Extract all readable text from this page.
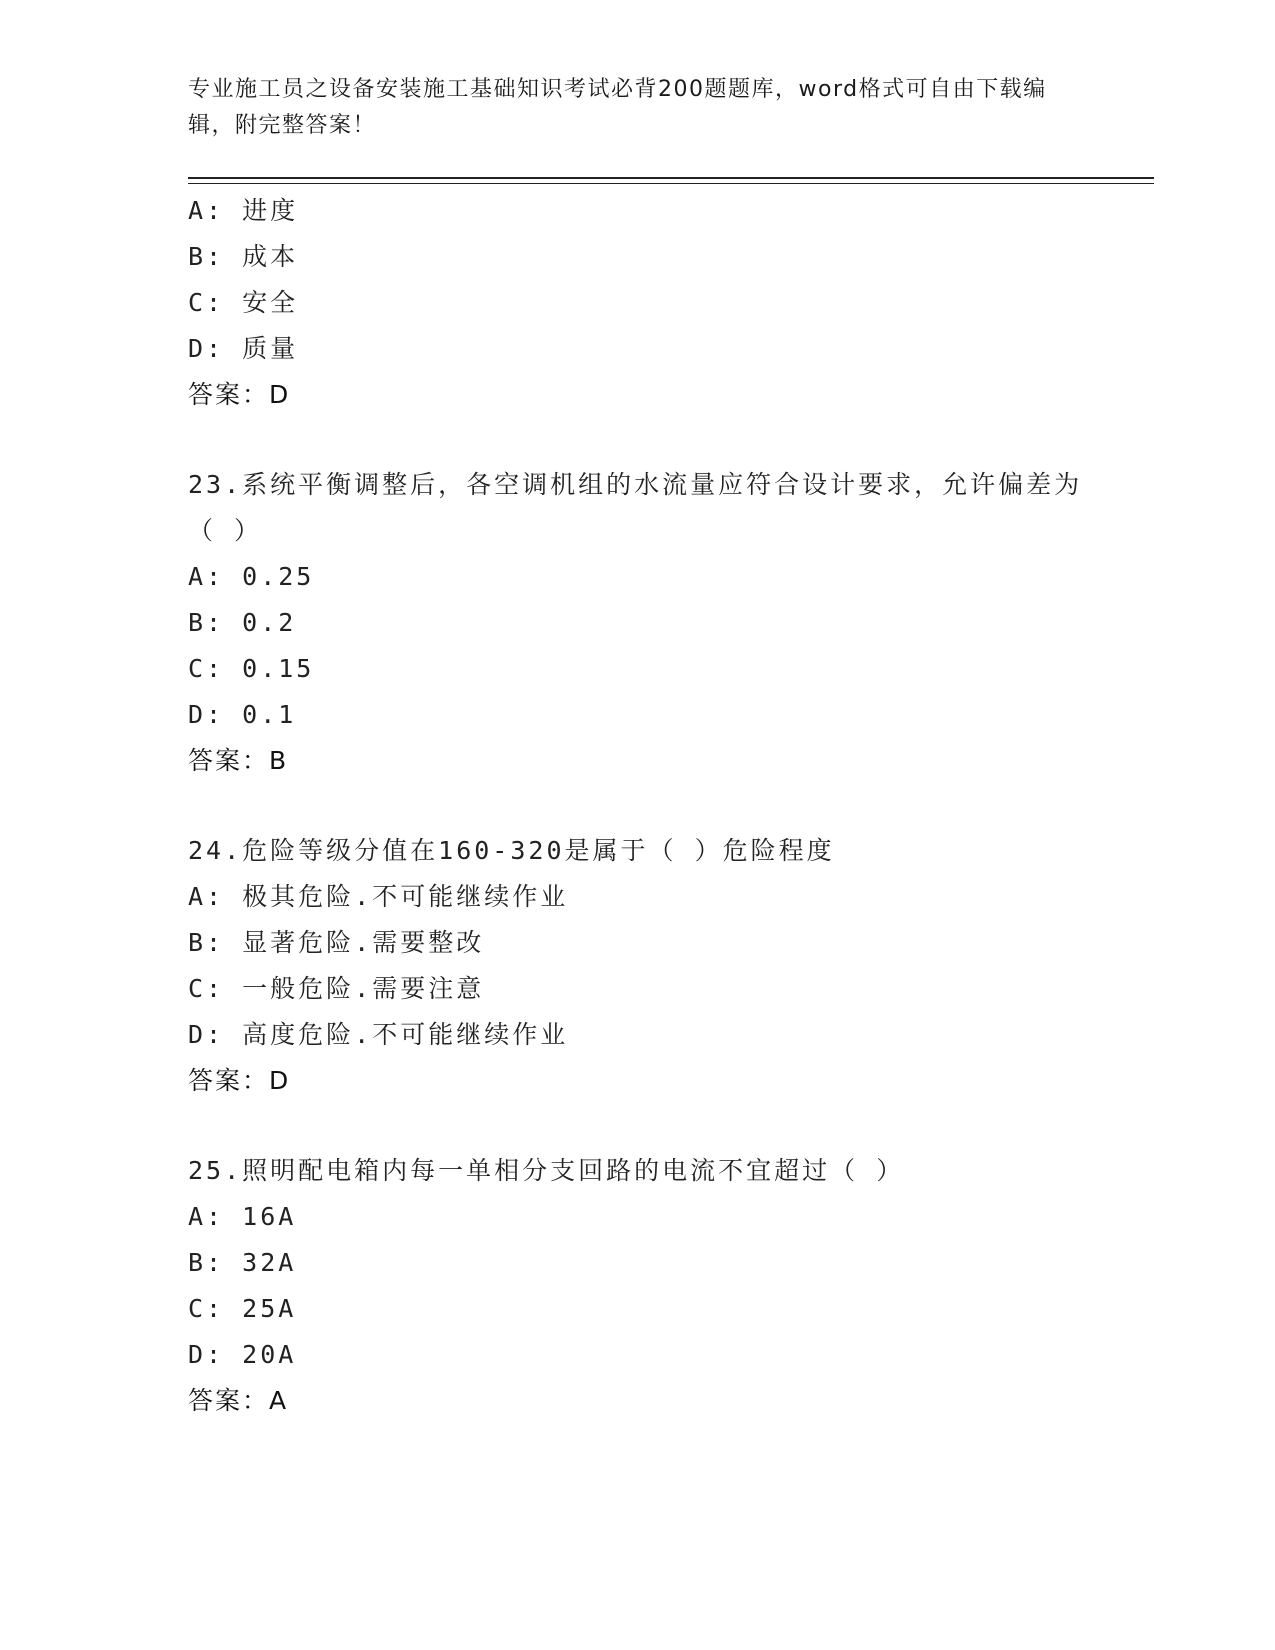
专业施工员之设备安装施工基础知识考试必背200题题库，word格式可自由下载编辑，附完整答案！
A: 进度
B: 成本
C: 安全
D: 质量
答案：D
23.系统平衡调整后，各空调机组的水流量应符合设计要求，允许偏差为（ ）
A: 0.25
B: 0.2
C: 0.15
D: 0.1
答案：B
24.危险等级分值在160-320是属于（ ）危险程度
A: 极其危险.不可能继续作业
B: 显著危险.需要整改
C: 一般危险.需要注意
D: 高度危险.不可能继续作业
答案：D
25.照明配电箱内每一单相分支回路的电流不宜超过（ ）
A: 16A
B: 32A
C: 25A
D: 20A
答案：A
